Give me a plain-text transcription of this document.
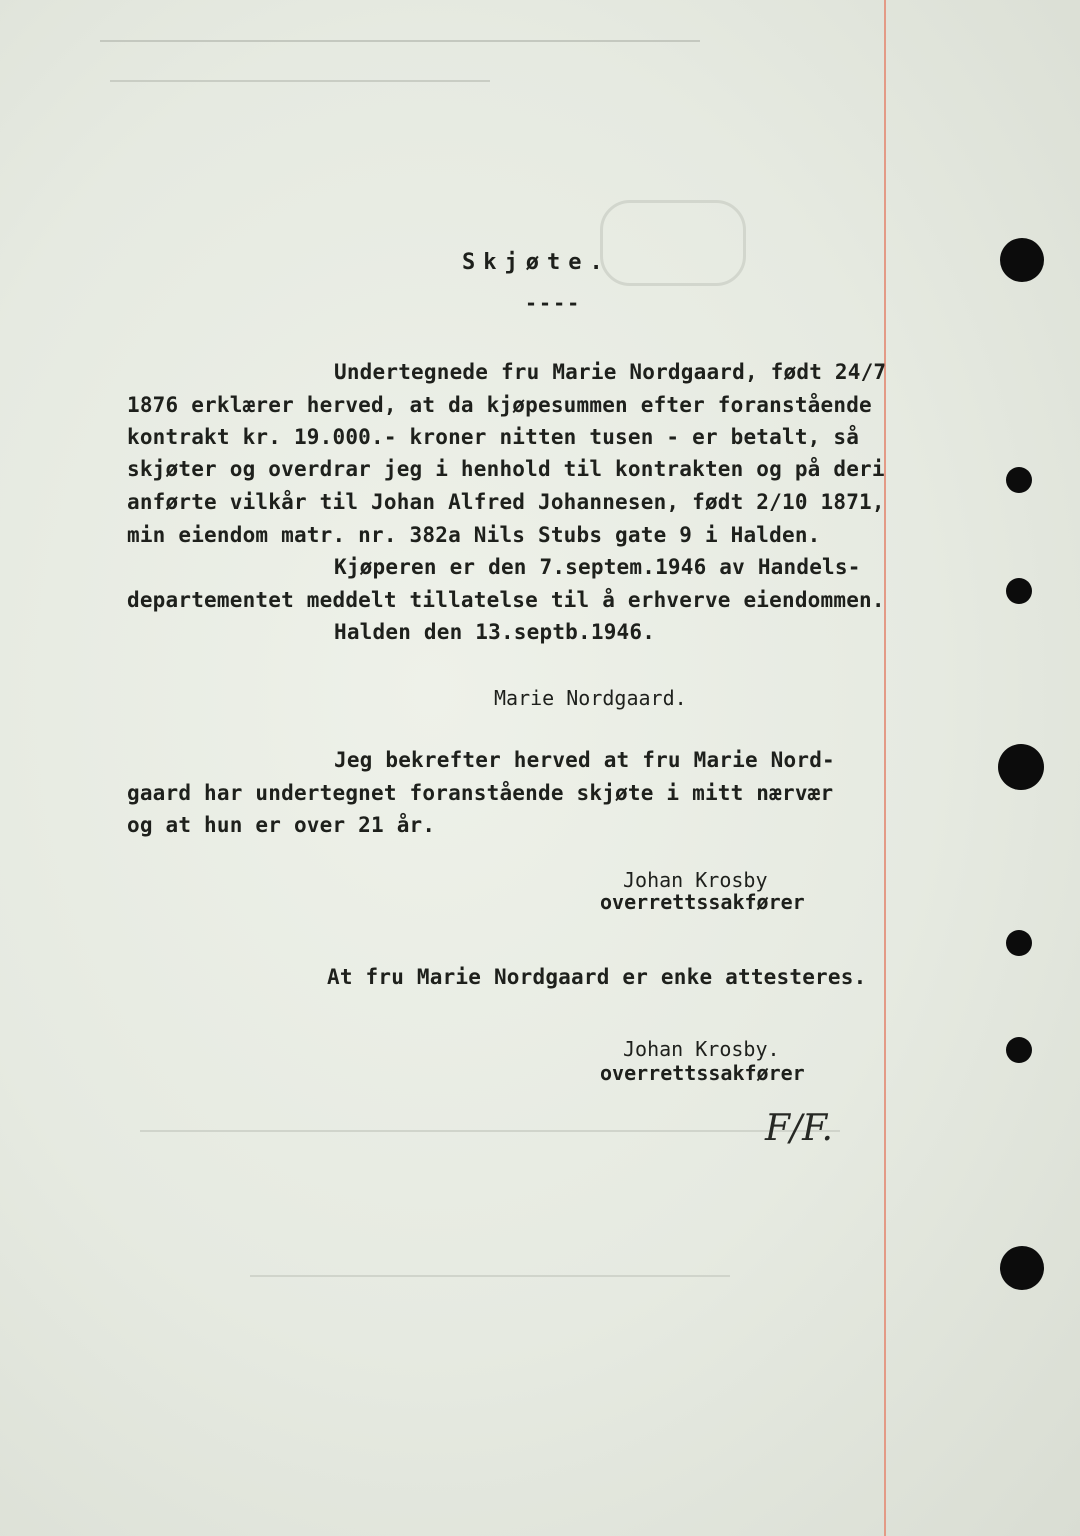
Skjøte.
----
Undertegnede fru Marie Nordgaard, født 24/7
1876 erklærer herved, at da kjøpesummen efter foranstående
kontrakt kr. 19.000.- kroner nitten tusen - er betalt, så
skjøter og overdrar jeg i henhold til kontrakten og på deri
anførte vilkår til Johan Alfred Johannesen, født 2/10 1871,
min eiendom matr. nr. 382a Nils Stubs gate 9 i Halden.
Kjøperen er den 7.septem.1946 av Handels-
departementet meddelt tillatelse til å erhverve eiendommen.
Halden den 13.septb.1946.
Marie Nordgaard.
Jeg bekrefter herved at fru Marie Nord-
gaard har undertegnet foranstående skjøte i mitt nærvær
og at hun er over 21 år.
Johan Krosby
overrettssakfører
At fru Marie Nordgaard er enke attesteres.
Johan Krosby.
overrettssakfører
F/F.
